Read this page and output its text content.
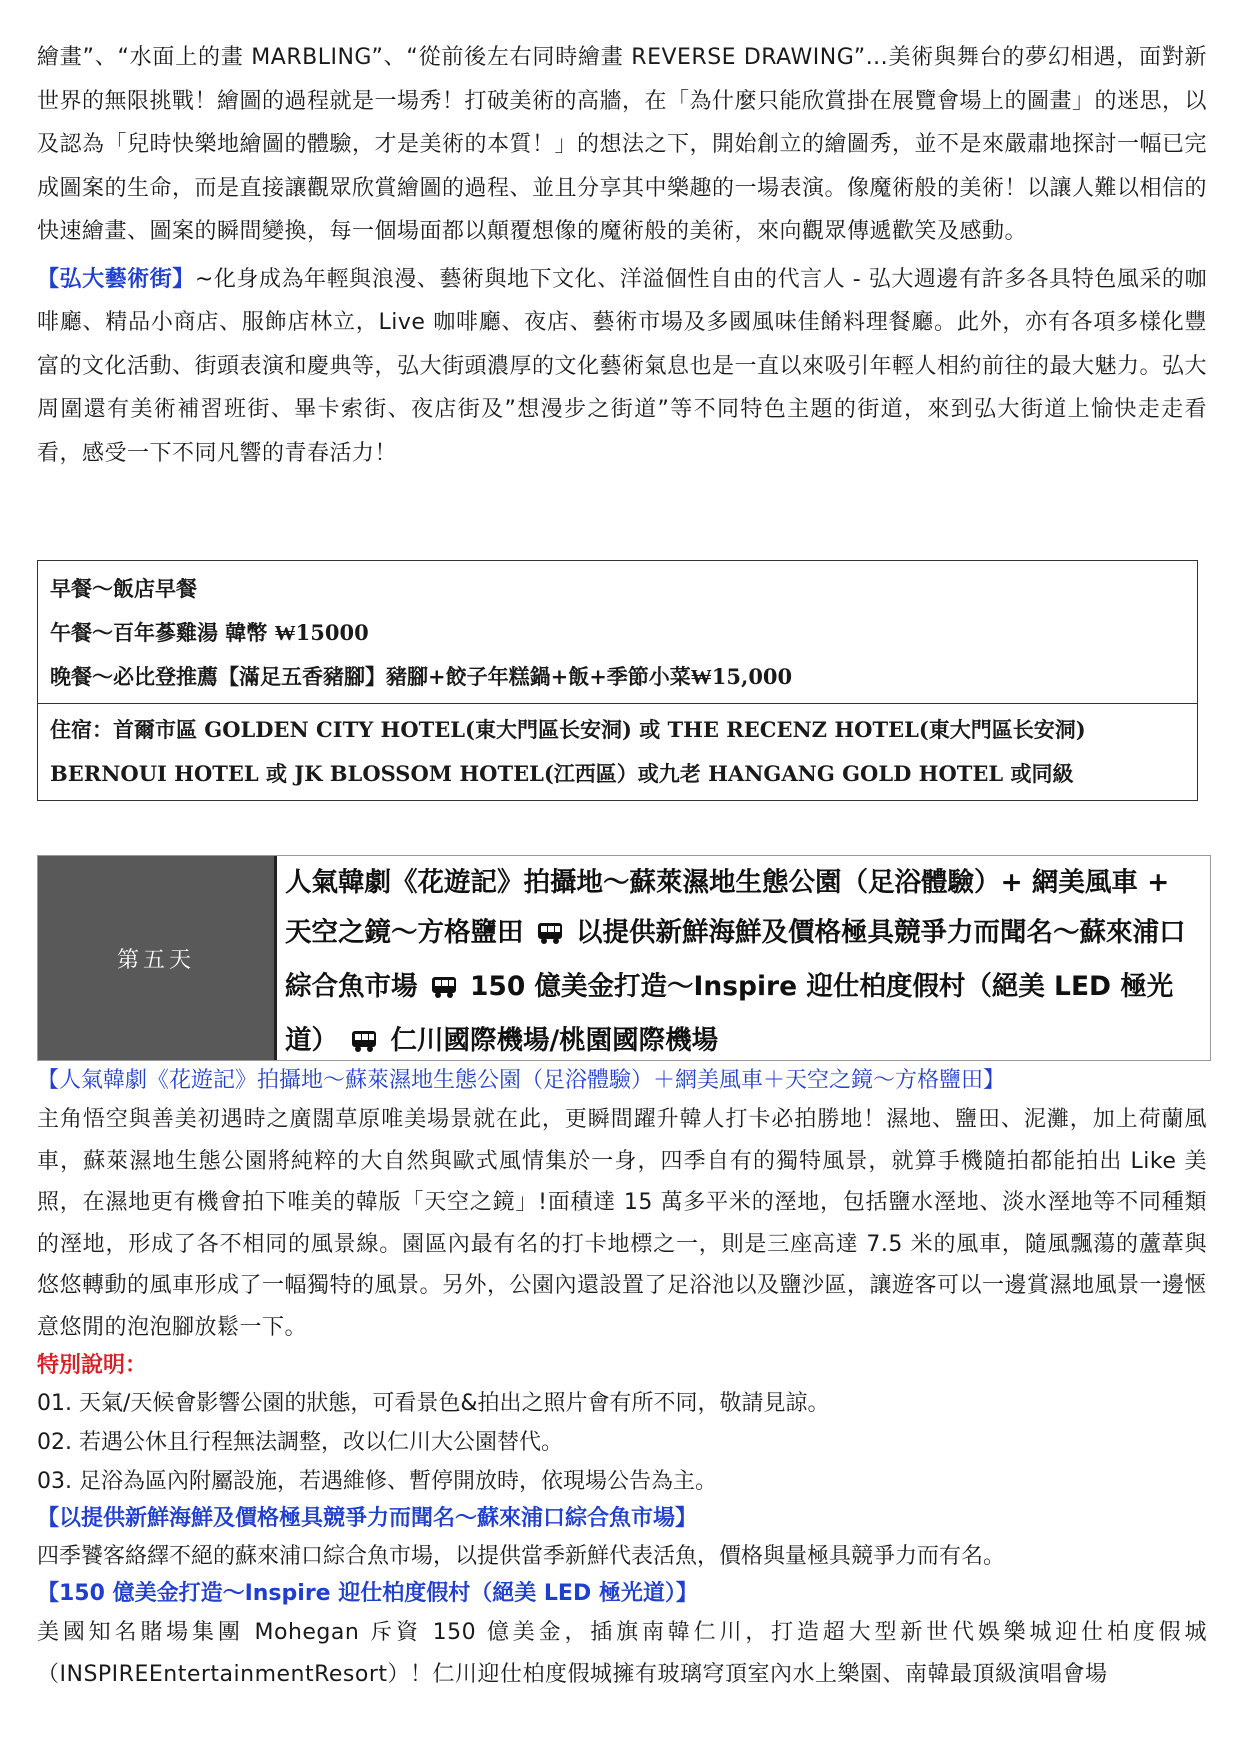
繪畫”、“水面上的畫 MARBLING”、“從前後左右同時繪畫 REVERSE DRAWING”...美術與舞台的夢幻相遇，面對新世界的無限挑戰！繪圖的過程就是一場秀！打破美術的高牆，在「為什麼只能欣賞掛在展覽會場上的圖畫」的迷思，以及認為「兒時快樂地繪圖的體驗，才是美術的本質！」的想法之下，開始創立的繪圖秀，並不是來嚴肅地探討一幅已完成圖案的生命，而是直接讓觀眾欣賞繪圖的過程、並且分享其中樂趣的一場表演。像魔術般的美術！以讓人難以相信的快速繪畫、圖案的瞬間變換，每一個場面都以顛覆想像的魔術般的美術，來向觀眾傳遞歡笑及感動。

【弘大藝術街】~化身成為年輕與浪漫、藝術與地下文化、洋溢個性自由的代言人 - 弘大週邊有許多各具特色風采的咖啡廳、精品小商店、服飾店林立，Live 咖啡廳、夜店、藝術市場及多國風味佳餚料理餐廳。此外，亦有各項多樣化豐富的文化活動、街頭表演和慶典等，弘大街頭濃厚的文化藝術氣息也是一直以來吸引年輕人相約前往的最大魅力。弘大周圍還有美術補習班街、畢卡索街、夜店街及”想漫步之街道”等不同特色主題的街道，來到弘大街道上愉快走走看看，感受一下不同凡響的青春活力！

早餐～飯店早餐
午餐～百年蔘雞湯 韓幣 ₩15000
晚餐～必比登推薦【滿足五香豬腳】豬腳+餃子年糕鍋+飯+季節小菜₩15,000
住宿：首爾市區 GOLDEN CITY HOTEL(東大門區长安洞) 或 THE RECENZ HOTEL(東大門區长安洞) BERNOUI HOTEL 或 JK BLOSSOM HOTEL(江西區）或九老 HANGANG GOLD HOTEL 或同級
第五天
人氣韓劇《花遊記》拍攝地～蘇萊濕地生態公園（足浴體驗）+ 網美風車 + 天空之鏡～方格鹽田 以提供新鮮海鮮及價格極具競爭力而聞名～蘇來浦口綜合魚市場  150 億美金打造～Inspire 迎仕柏度假村（絕美 LED 極光道） 仁川國際機場/桃園國際機場

【人氣韓劇《花遊記》拍攝地～蘇萊濕地生態公園（足浴體驗）＋網美風車＋天空之鏡～方格鹽田】

主角悟空與善美初遇時之廣闊草原唯美場景就在此，更瞬間躍升韓人打卡必拍勝地！濕地、鹽田、泥灘，加上荷蘭風車，蘇萊濕地生態公園將純粹的大自然與歐式風情集於一身，四季自有的獨特風景，就算手機隨拍都能拍出 Like 美照，在濕地更有機會拍下唯美的韓版「天空之鏡」!面積達 15 萬多平米的溼地，包括鹽水溼地、淡水溼地等不同種類的溼地，形成了各不相同的風景線。園區內最有名的打卡地標之一，則是三座高達 7.5 米的風車，隨風飄蕩的蘆葦與悠悠轉動的風車形成了一幅獨特的風景。另外，公園內還設置了足浴池以及鹽沙區，讓遊客可以一邊賞濕地風景一邊愜意悠閒的泡泡腳放鬆一下。

特別說明：

01. 天氣/天候會影響公園的狀態，可看景色&拍出之照片會有所不同，敬請見諒。

02. 若遇公休且行程無法調整，改以仁川大公園替代。

03. 足浴為區內附屬設施，若遇維修、暫停開放時，依現場公告為主。

【以提供新鮮海鮮及價格極具競爭力而聞名～蘇來浦口綜合魚市場】

四季饕客絡繹不絕的蘇來浦口綜合魚市場，以提供當季新鮮代表活魚，價格與量極具競爭力而有名。

【150 億美金打造～Inspire 迎仕柏度假村（絕美 LED 極光道）】

美國知名賭場集團 Mohegan 斥資 150 億美金，插旗南韓仁川，打造超大型新世代娛樂城迎仕柏度假城（INSPIREEntertainmentResort）！仁川迎仕柏度假城擁有玻璃穹頂室內水上樂園、南韓最頂級演唱會場
